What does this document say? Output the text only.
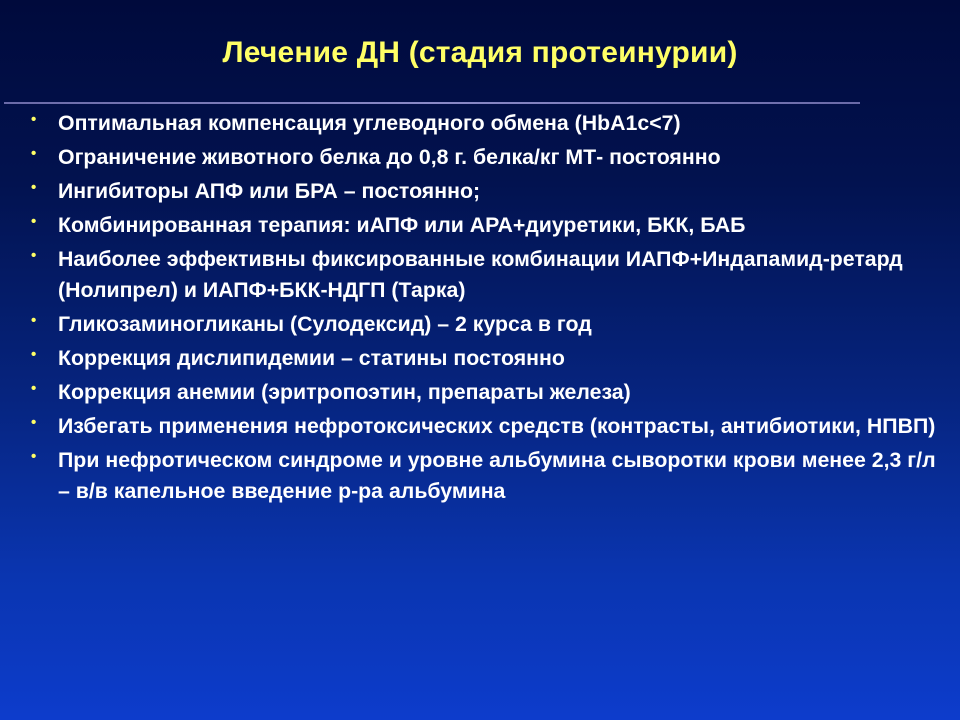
Лечение ДН (стадия протеинурии)
• Оптимальная компенсация углеводного обмена (HbA1c<7)
• Ограничение животного белка до 0,8 г. белка/кг МТ- постоянно
• Ингибиторы АПФ или БРА – постоянно;
• Комбинированная терапия: иАПФ или АРА+диуретики, БКК, БАБ
• Наиболее эффективны фиксированные комбинации ИАПФ+Индапамид-ретард (Нолипрел) и ИАПФ+БКК-НДГП (Тарка)
• Гликозаминогликаны (Сулодексид) – 2 курса в год
• Коррекция дислипидемии – статины постоянно
• Коррекция анемии (эритропоэтин, препараты железа)
• Избегать применения нефротоксических средств (контрасты, антибиотики, НПВП)
• При нефротическом синдроме и уровне альбумина сыворотки крови менее 2,3 г/л – в/в капельное введение р-ра альбумина
